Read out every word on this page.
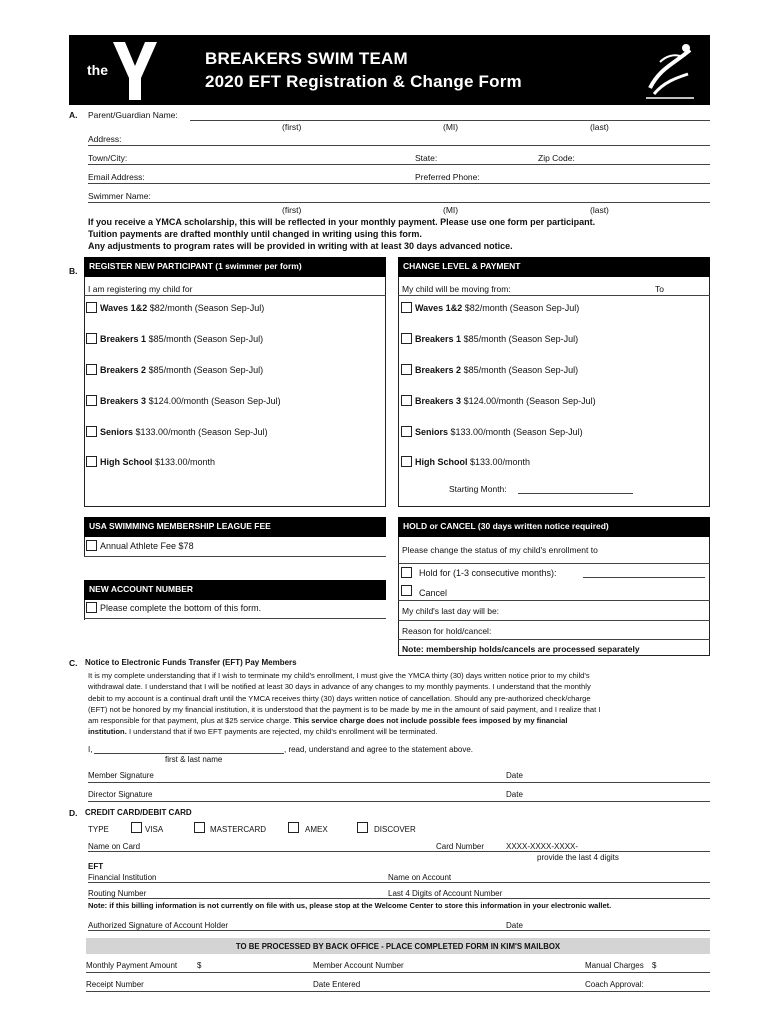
the
YMCA
BREAKERS SWIM TEAM
2020 EFT Registration & Change Form
A. Parent/Guardian Name:
(first)	(MI)	(last)
Address:
Town/City:	State:	Zip Code:
Email Address:	Preferred Phone:
Swimmer Name:
(first)	(MI)	(last)
If you receive a YMCA scholarship, this will be reflected in your monthly payment. Please use one form per participant.
Tuition payments are drafted monthly until changed in writing using this form.
Any adjustments to program rates will be provided in writing with at least 30 days advanced notice.
B.	REGISTER NEW PARTICIPANT (1 swimmer per form)
I am registering my child for
Waves 1&2 $82/month (Season Sep-Jul)
Breakers 1 $85/month (Season Sep-Jul)
Breakers 2 $85/month (Season Sep-Jul)
Breakers 3 $124.00/month (Season Sep-Jul)
Seniors $133.00/month (Season Sep-Jul)
High School $133.00/month
CHANGE LEVEL & PAYMENT
My child will be moving from:	To
Waves 1&2 $82/month (Season Sep-Jul)
Breakers 1 $85/month (Season Sep-Jul)
Breakers 2 $85/month (Season Sep-Jul)
Breakers 3 $124.00/month (Season Sep-Jul)
Seniors $133.00/month (Season Sep-Jul)
High School $133.00/month
Starting Month:
USA SWIMMING MEMBERSHIP LEAGUE FEE
Annual Athlete Fee $78
NEW ACCOUNT NUMBER
Please complete the bottom of this form.
HOLD or CANCEL (30 days written notice required)
Please change the status of my child's enrollment to
Hold for (1-3 consecutive months):
Cancel
My child's last day will be:
Reason for hold/cancel:
Note: membership holds/cancels are processed separately
C. Notice to Electronic Funds Transfer (EFT) Pay Members
It is my complete understanding that if I wish to terminate my child's enrollment, I must give the YMCA thirty (30) days written notice prior to my child's
withdrawal date. I understand that I will be notified at least 30 days in advance of any changes to my monthly payments. I understand that the monthly
debit to my account is a continual draft until the YMCA receives thirty (30) days written notice of cancellation. Should any pre-authorized check/charge
(EFT) not be honored by my financial institution, it is understood that the payment is to be made by me in the amount of said payment, and I realize that I
am responsible for that payment, plus at $25 service charge. This service charge does not include possible fees imposed by my financial
institution. I understand that if two EFT payments are rejected, my child's enrollment will be terminated.
I,	, read, understand and agree to the statement above.
first & last name
Member Signature	Date
Director Signature	Date
D. CREDIT CARD/DEBIT CARD
TYPE	VISA	MASTERCARD	AMEX	DISCOVER
Name on Card	Card Number	XXXX-XXXX-XXXX-
provide the last 4 digits
EFT
Financial Institution	Name on Account
Routing Number	Last 4 Digits of Account Number
Note: if this billing information is not currently on file with us, please stop at the Welcome Center to store this information in your electronic wallet.
Authorized Signature of Account Holder	Date
TO BE PROCESSED BY BACK OFFICE - PLACE COMPLETED FORM IN KIM'S MAILBOX
Monthly Payment Amount $	Member Account Number	Manual Charges $
Receipt Number	Date Entered	Coach Approval:
